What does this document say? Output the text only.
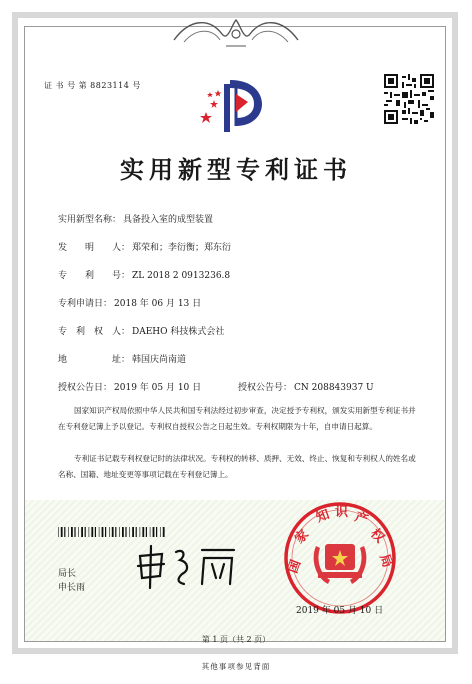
证 书 号 第 8823114 号
实用新型专利证书
实用新型名称： 具备投入室的成型装置
发　　明　　人： 郑荣和；李衍衡；郑东衍
专　　利　　号： ZL 2018 2 0913236.8
专利申请日： 2018 年 06 月 13 日
专　利　权　人： DAEHO 科技株式会社
地　　　　　址： 韩国庆尚南道
授权公告日： 2019 年 05 月 10 日	授权公告号： CN 208843937 U
国家知识产权局依照中华人民共和国专利法经过初步审查，决定授予专利权，颁发实用新型专利证书并在专利登记簿上予以登记。专利权自授权公告之日起生效。专利权期限为十年，自申请日起算。
专利证书记载专利权登记时的法律状况。专利权的转移、质押、无效、终止、恢复和专利权人的姓名或名称、国籍、地址变更等事项记载在专利登记簿上。
局长
申长雨
国
家
知 识 产
权
局
2019 年 05 月 10 日
第 1 页（共 2 页）
其他事项参见背面
